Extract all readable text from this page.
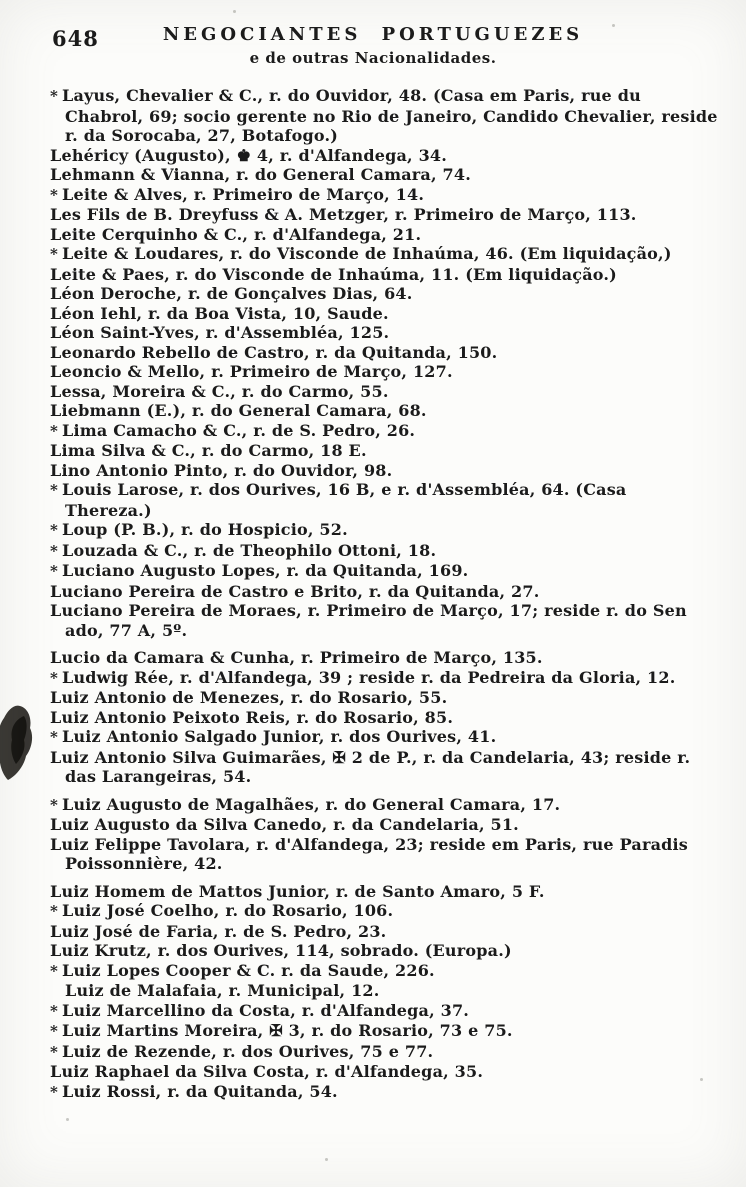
648	NEGOCIANTES PORTUGUEZES
e de outras Nacionalidades.
* Layus, Chevalier & C., r. do Ouvidor, 48. (Casa em Paris, rue du Chabrol, 69; socio gerente no Rio de Janeiro, Candido Chevalier, reside r. da Sorocaba, 27, Botafogo.)
Lehéricy (Augusto), ♚ 4, r. d'Alfandega, 34.
Lehmann & Vianna, r. do General Camara, 74.
* Leite & Alves, r. Primeiro de Março, 14.
Les Fils de B. Dreyfuss & A. Metzger, r. Primeiro de Março, 113.
Leite Cerquinho & C., r. d'Alfandega, 21.
* Leite & Loudares, r. do Visconde de Inhaúma, 46. (Em liquidação,)
Leite & Paes, r. do Visconde de Inhaúma, 11. (Em liquidação.)
Léon Deroche, r. de Gonçalves Dias, 64.
Léon Iehl, r. da Boa Vista, 10, Saude.
Léon Saint-Yves, r. d'Assembléa, 125.
Leonardo Rebello de Castro, r. da Quitanda, 150.
Leoncio & Mello, r. Primeiro de Março, 127.
Lessa, Moreira & C., r. do Carmo, 55.
Liebmann (E.), r. do General Camara, 68.
* Lima Camacho & C., r. de S. Pedro, 26.
Lima Silva & C., r. do Carmo, 18 E.
Lino Antonio Pinto, r. do Ouvidor, 98.
* Louis Larose, r. dos Ourives, 16 B, e r. d'Assembléa, 64. (Casa Thereza.)
* Loup (P. B.), r. do Hospicio, 52.
* Louzada & C., r. de Theophilo Ottoni, 18.
* Luciano Augusto Lopes, r. da Quitanda, 169.
Luciano Pereira de Castro e Brito, r. da Quitanda, 27.
Luciano Pereira de Moraes, r. Primeiro de Março, 17; reside r. do Sen ado, 77 A, 5º.
Lucio da Camara & Cunha, r. Primeiro de Março, 135.
* Ludwig Rée, r. d'Alfandega, 39 ; reside r. da Pedreira da Gloria, 12.
Luiz Antonio de Menezes, r. do Rosario, 55.
Luiz Antonio Peixoto Reis, r. do Rosario, 85.
* Luiz Antonio Salgado Junior, r. dos Ourives, 41.
Luiz Antonio Silva Guimarães, ✠ 2 de P., r. da Candelaria, 43; reside r. das Larangeiras, 54.
* Luiz Augusto de Magalhães, r. do General Camara, 17.
Luiz Augusto da Silva Canedo, r. da Candelaria, 51.
Luiz Felippe Tavolara, r. d'Alfandega, 23; reside em Paris, rue Paradis Poissonnière, 42.
Luiz Homem de Mattos Junior, r. de Santo Amaro, 5 F.
* Luiz José Coelho, r. do Rosario, 106.
Luiz José de Faria, r. de S. Pedro, 23.
Luiz Krutz, r. dos Ourives, 114, sobrado. (Europa.)
* Luiz Lopes Cooper & C. r. da Saude, 226.
Luiz de Malafaia, r. Municipal, 12.
* Luiz Marcellino da Costa, r. d'Alfandega, 37.
* Luiz Martins Moreira, ✠ 3, r. do Rosario, 73 e 75.
* Luiz de Rezende, r. dos Ourives, 75 e 77.
Luiz Raphael da Silva Costa, r. d'Alfandega, 35.
* Luiz Rossi, r. da Quitanda, 54.
